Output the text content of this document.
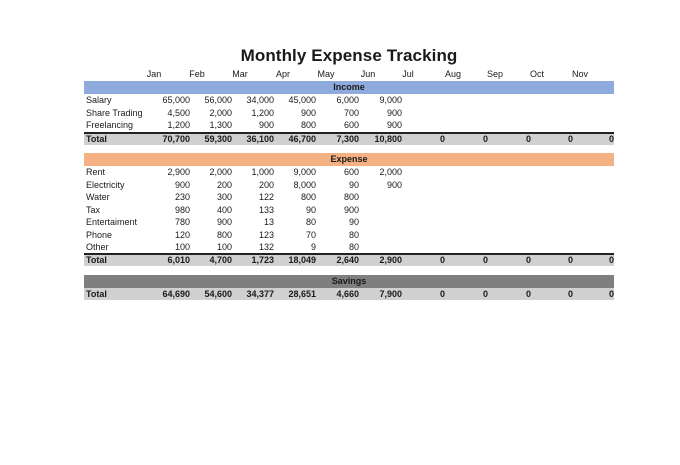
Monthly Expense Tracking
Jan	Feb	Mar	Apr	May	Jun	Jul	Aug	Sep	Oct	Nov
Income
Salary	65,000	56,000	34,000	45,000	6,000	9,000
Share Trading	4,500	2,000	1,200	900	700	900
Freelancing	1,200	1,300	900	800	600	900
Total	70,700	59,300	36,100	46,700	7,300	10,800	0	0	0	0	0
Expense
Rent	2,900	2,000	1,000	9,000	600	2,000
Electricity	900	200	200	8,000	90	900
Water	230	300	122	800	800
Tax	980	400	133	90	900
Entertaiment	780	900	13	80	90
Phone	120	800	123	70	80
Other	100	100	132	9	80
Total	6,010	4,700	1,723	18,049	2,640	2,900	0	0	0	0	0
Savings
Total	64,690	54,600	34,377	28,651	4,660	7,900	0	0	0	0	0
